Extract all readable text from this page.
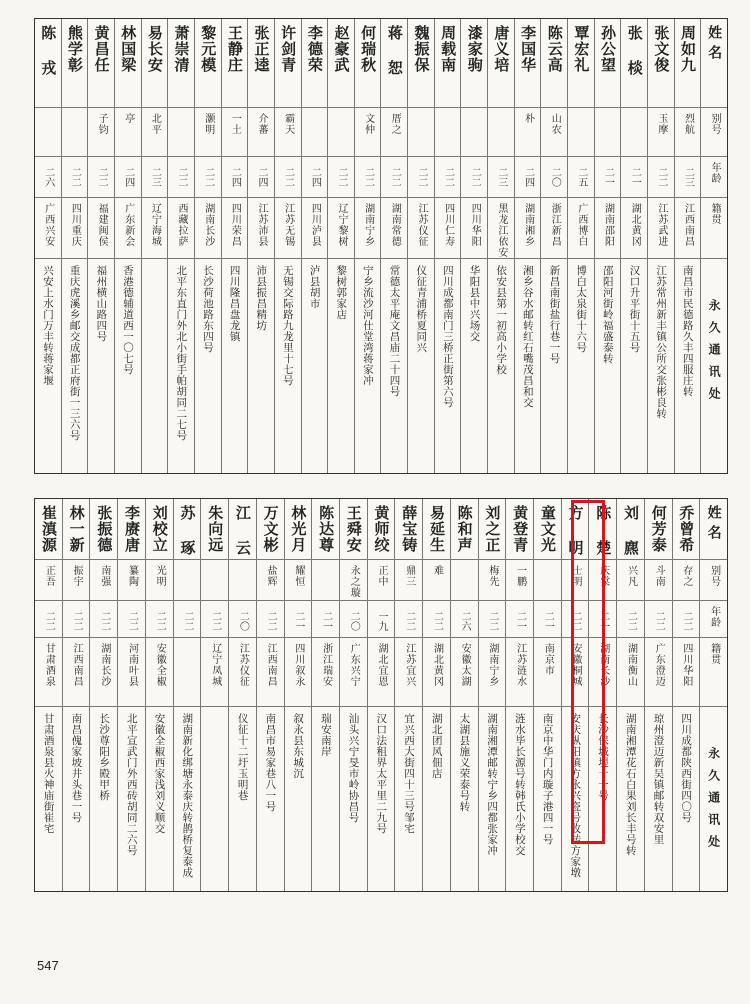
姓名
别号
年龄
籍贯
永久通讯处
周如九
烈航
二三
江西南昌
南昌市民德路久丰四服庄转
张文俊
玉摩
二二
江苏武进
江苏常州新丰镇公所交张彬良转
张 棪
二一
湖北黄冈
汉口升平街十五号
孙公望
二一
湖南邵阳
邵阳河街岭福盛泰转
覃宏礼
二五
广西博白
博白太泉街十六号
陈云高
山农
二〇
浙江新昌
新昌南街盐行巷一号
李国华
朴
二四
湖南湘乡
湘乡谷水邮转红石嘴茂昌和交
唐义培
二三
黑龙江依安
依安县第一初高小学校
漆家驹
二二
四川华阳
华阳县中兴场交
周载南
二二
四川仁寿
四川成都南门三桥正街第六号
魏振保
二二
江苏仪征
仪征青浦桥夏同兴
蒋 恕
厝之
二二
湖南常德
常德太平庵文昌庙二十四号
何瑞秋
文仲
二二
湖南宁乡
宁乡流沙河仕堂湾蒋家冲
赵豪武
二二
辽宁黎树
黎树郭家店
李德荣
二四
四川泸县
泸县胡市
许剑青
霸天
二二
江苏无锡
无锡交际路九龙里十七号
张正逵
介蕃
二四
江苏沛县
沛县振昌精坊
王静庄
一土
二四
四川荣昌
四川隆昌盘龙镇
黎元模
灏明
二二
湖南长沙
长沙荷池路东四号
萧崇清
二二
西藏拉萨
北平东直门外北小街手帕胡同二七号
易长安
北平
二三
辽宁海城
林国梁
亭
二四
广东新会
香港德辅道西一〇七号
黄昌任
子钧
二二
福建闽侯
福州横山路四号
熊学彰
二二
四川重庆
重庆虎溪乡邮交成都正府街一三六号
陈 戎
二六
广西兴安
兴安上水门万丰转蒋家堰
姓名
别号
年龄
籍贯
永久通讯处
乔曾希
存之
二二
四川华阳
四川成都陕西街四〇号
何芳泰
斗南
二二
广东澄迈
琼州澄迈新吴镇邮转双安里
刘 麃
兴凡
二二
湖南衡山
湖南湘潭花石白果刘长丰号转
陈 楚
庆棠
二一
湖南长沙
长沙保城堤十一号
方 明
士明
二二
安徽桐城
安庆枞阳镇方永兴瓷号收转方家墩
童文光
二一
南京市
南京中华门内璇子港四一号
黄登青
一鹏
二一
江苏涟水
涟水毕长源号转韩氏小学校交
刘之正
梅先
二二
湖南宁乡
湖南湘潭邮转宁乡四都张家冲
陈和声
二六
安徽太湖
太湖县施义荣泰号转
易延生
难
二二
湖北黄冈
湖北团风佃店
薛宝铸
鼎三
二二
江苏宜兴
宜兴西大街四十三号邹宅
黄师绞
正中
一九
湖北宜恩
汉口法租界太平里二九号
王舜安
永之璇
二〇
广东兴宁
汕头兴宁旻市岭协昌号
陈达尊
二一
浙江瑞安
瑞安南岸
林光月
耀恒
二一
四川叙永
叙永县东城沉
万文彬
盐辉
二二
江西南昌
南昌市易家巷八一号
江 云
二〇
江苏仪征
仪征十二圩玉明巷
朱向远
二二
辽宁凤城
苏 琢
二二
湖南新化绑塘永泰庆转鹊桥复泰成
刘校立
光明
二二
安徽全椒
安徽全椒西家浅刘义顺交
李赓唐
纂陶
二二
河南叶县
北平宣武门外西砖胡同二六号
张振德
南强
二二
湖南长沙
长沙尊阳乡殿甲桥
林一新
振宇
二二
江西南昌
南昌傀家坡井头巷一号
崔滇源
正吾
二二
甘肃酒泉
甘肃酒泉县火神庙街崔宅
547
